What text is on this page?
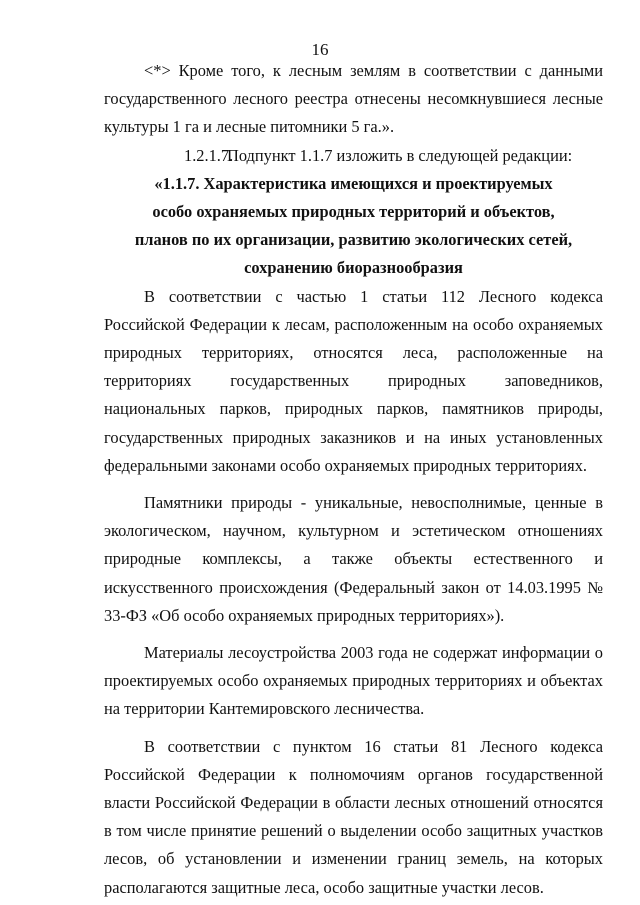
16

<*> Кроме того, к лесным землям в соответствии с данными государственного лесного реестра отнесены несомкнувшиеся лесные культуры 1 га и лесные питомники 5 га.».

1.2.1.7.Подпункт 1.1.7 изложить в следующей редакции:

«1.1.7. Характеристика имеющихся и проектируемых
особо охраняемых природных территорий и объектов,
планов по их организации, развитию экологических сетей,
сохранению биоразнообразия

В соответствии с частью 1 статьи 112 Лесного кодекса Российской Федерации к лесам, расположенным на особо охраняемых природных территориях, относятся леса, расположенные на территориях государственных природных заповедников, национальных парков, природных парков, памятников природы, государственных природных заказников и на иных установленных федеральными законами особо охраняемых природных территориях.

Памятники природы - уникальные, невосполнимые, ценные в экологическом, научном, культурном и эстетическом отношениях природные комплексы, а также объекты естественного и искусственного происхождения (Федеральный закон от 14.03.1995 № 33-ФЗ «Об особо охраняемых природных территориях»).

Материалы лесоустройства 2003 года не содержат информации о проектируемых особо охраняемых природных территориях и объектах на территории Кантемировского лесничества.

В соответствии с пунктом 16 статьи 81 Лесного кодекса Российской Федерации к полномочиям органов государственной власти Российской Федерации в области лесных отношений относятся в том числе принятие решений о выделении особо защитных участков лесов, об установлении и изменении границ земель, на которых располагаются защитные леса, особо защитные участки лесов.
